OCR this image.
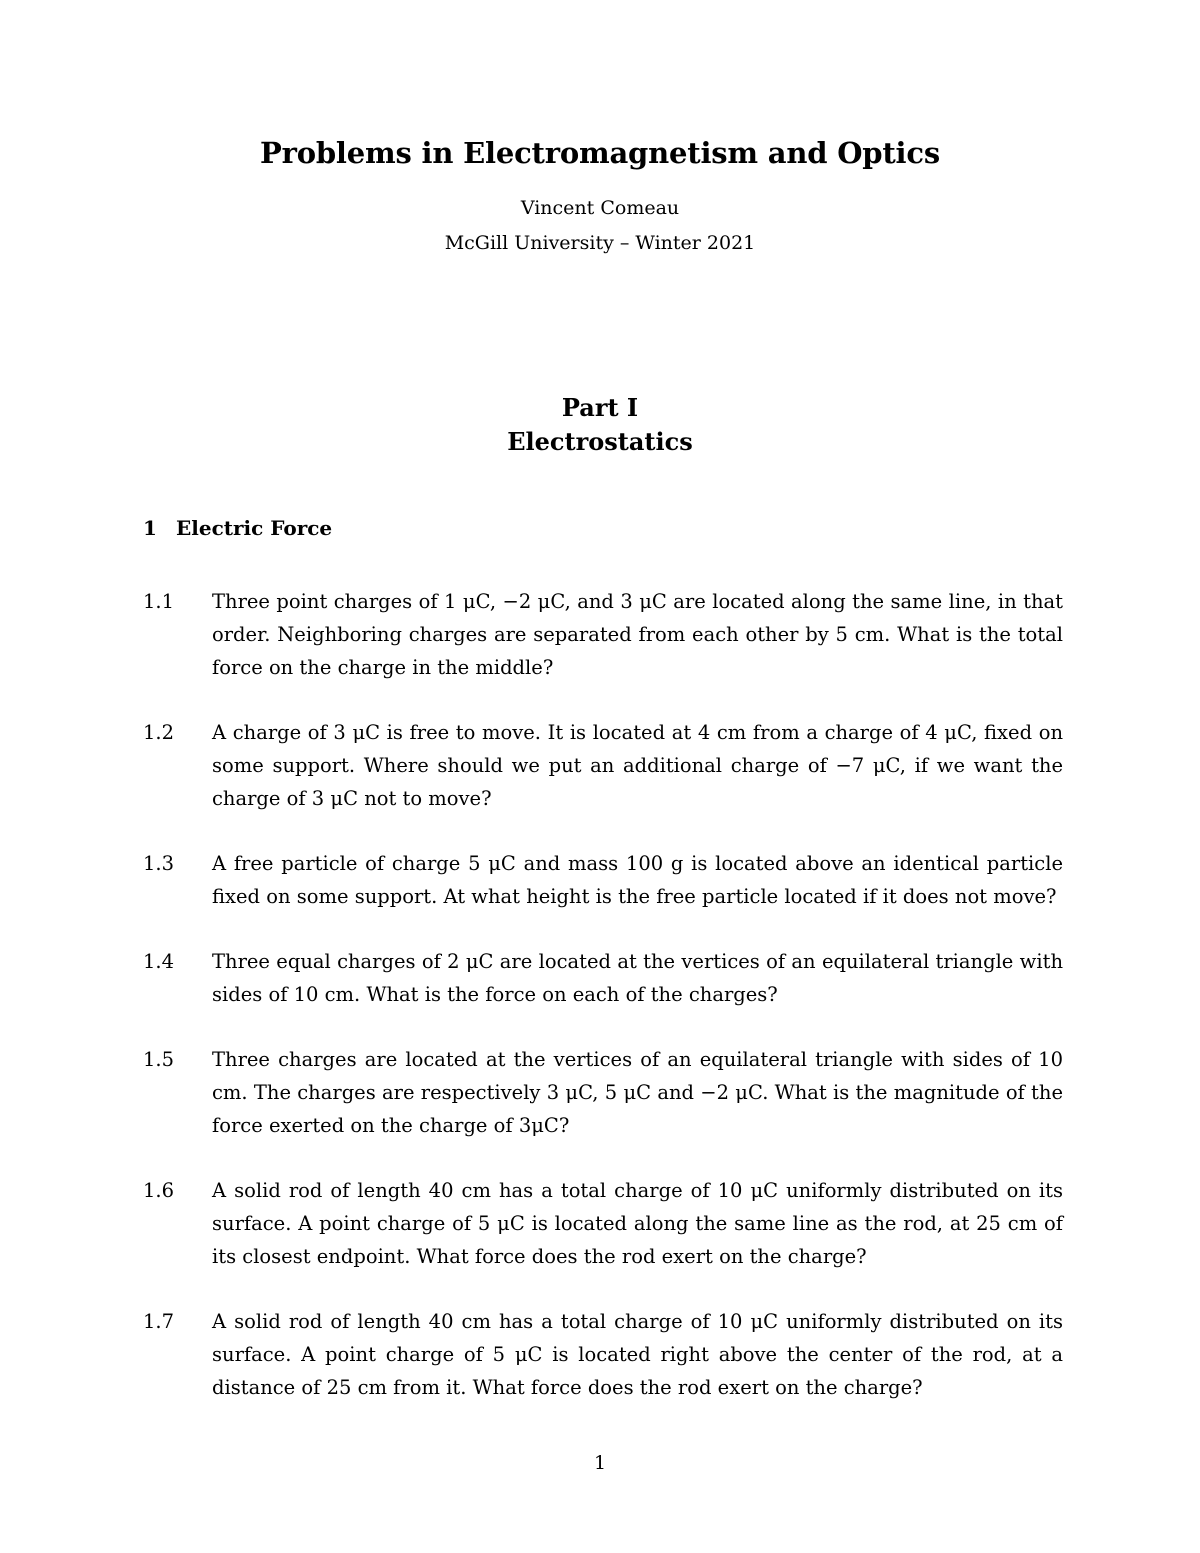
Problems in Electromagnetism and Optics
Vincent Comeau
McGill University – Winter 2021
Part I
Electrostatics
1 Electric Force
1.1 Three point charges of 1 μC, −2 μC, and 3 μC are located along the same line, in that order. Neighboring charges are separated from each other by 5 cm. What is the total force on the charge in the middle?
1.2 A charge of 3 μC is free to move. It is located at 4 cm from a charge of 4 μC, fixed on some support. Where should we put an additional charge of −7 μC, if we want the charge of 3 μC not to move?
1.3 A free particle of charge 5 μC and mass 100 g is located above an identical particle fixed on some support. At what height is the free particle located if it does not move?
1.4 Three equal charges of 2 μC are located at the vertices of an equilateral triangle with sides of 10 cm. What is the force on each of the charges?
1.5 Three charges are located at the vertices of an equilateral triangle with sides of 10 cm. The charges are respectively 3 μC, 5 μC and −2 μC. What is the magnitude of the force exerted on the charge of 3μC?
1.6 A solid rod of length 40 cm has a total charge of 10 μC uniformly distributed on its surface. A point charge of 5 μC is located along the same line as the rod, at 25 cm of its closest endpoint. What force does the rod exert on the charge?
1.7 A solid rod of length 40 cm has a total charge of 10 μC uniformly distributed on its surface. A point charge of 5 μC is located right above the center of the rod, at a distance of 25 cm from it. What force does the rod exert on the charge?
1
